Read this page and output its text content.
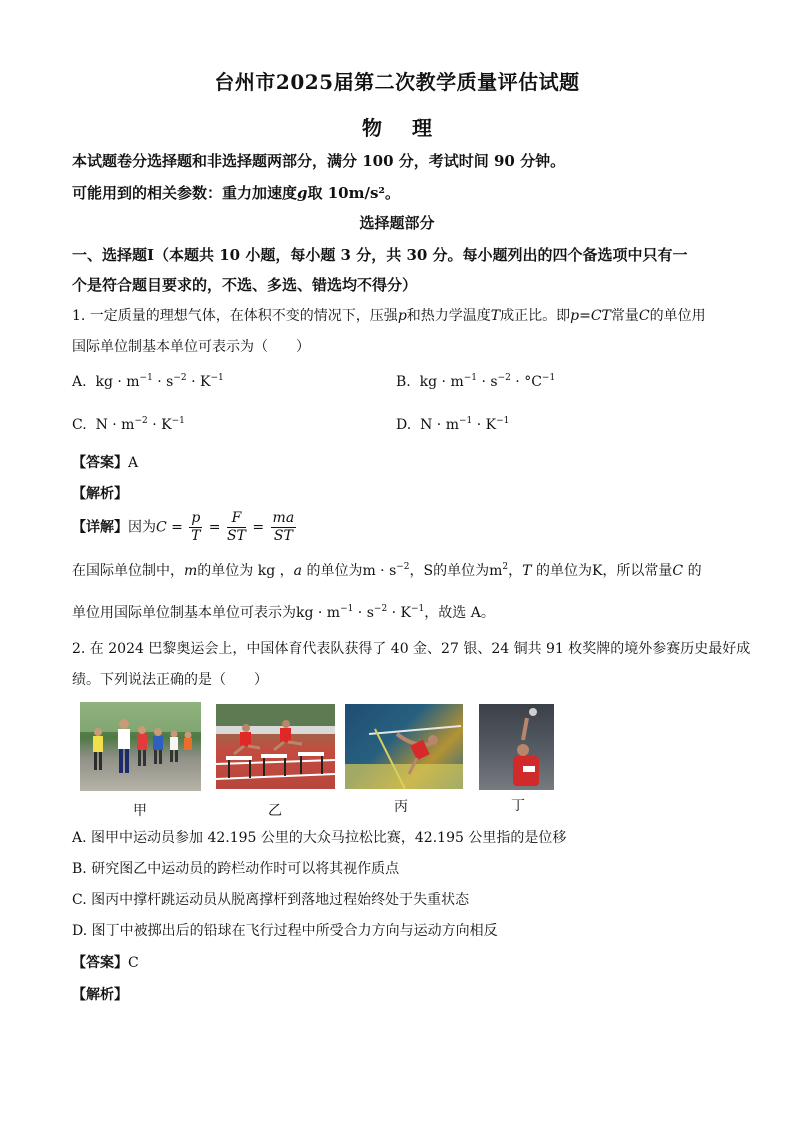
台州市2025届第二次教学质量评估试题
物理
本试题卷分选择题和非选择题两部分，满分 100 分，考试时间 90 分钟。
可能用到的相关参数：重力加速度g取 10m/s²。
选择题部分
一、选择题Ⅰ（本题共 10 小题，每小题 3 分，共 30 分。每小题列出的四个备选项中只有一
个是符合题目要求的，不选、多选、错选均不得分）
1. 一定质量的理想气体，在体积不变的情况下，压强p和热力学温度T成正比。即p=CT常量C的单位用
国际单位制基本单位可表示为（　　）
A. kg · $m^{-1} \cdot s^{-2} \cdot K^{-1}$	B. kg · $m^{-1} \cdot s^{-2} \cdot ^\circ C^{-1}$
C. $N \cdot m^{-2} \cdot K^{-1}$	D. $N \cdot m^{-1} \cdot K^{-1}$
【答案】A
【解析】
【详解】因为$C = \frac{p}{T} = \frac{F}{ST} = \frac{ma}{ST}$
在国际单位制中，m的单位为 kg ，a 的单位为$m \cdot s^{-2}$，S的单位为$m^2$，T 的单位为K，所以常量C 的
单位用国际单位制基本单位可表示为kg · $m^{-1} \cdot s^{-2} \cdot K^{-1}$，故选 A。
2. 在 2024 巴黎奥运会上，中国体育代表队获得了 40 金、27 银、24 铜共 91 枚奖牌的境外参赛历史最好成
绩。下列说法正确的是（　　）
甲	乙	丙	丁
A. 图甲中运动员参加 42.195 公里的大众马拉松比赛，42.195 公里指的是位移
B. 研究图乙中运动员的跨栏动作时可以将其视作质点
C. 图丙中撑杆跳运动员从脱离撑杆到落地过程始终处于失重状态
D. 图丁中被掷出后的铅球在飞行过程中所受合力方向与运动方向相反
【答案】C
【解析】
